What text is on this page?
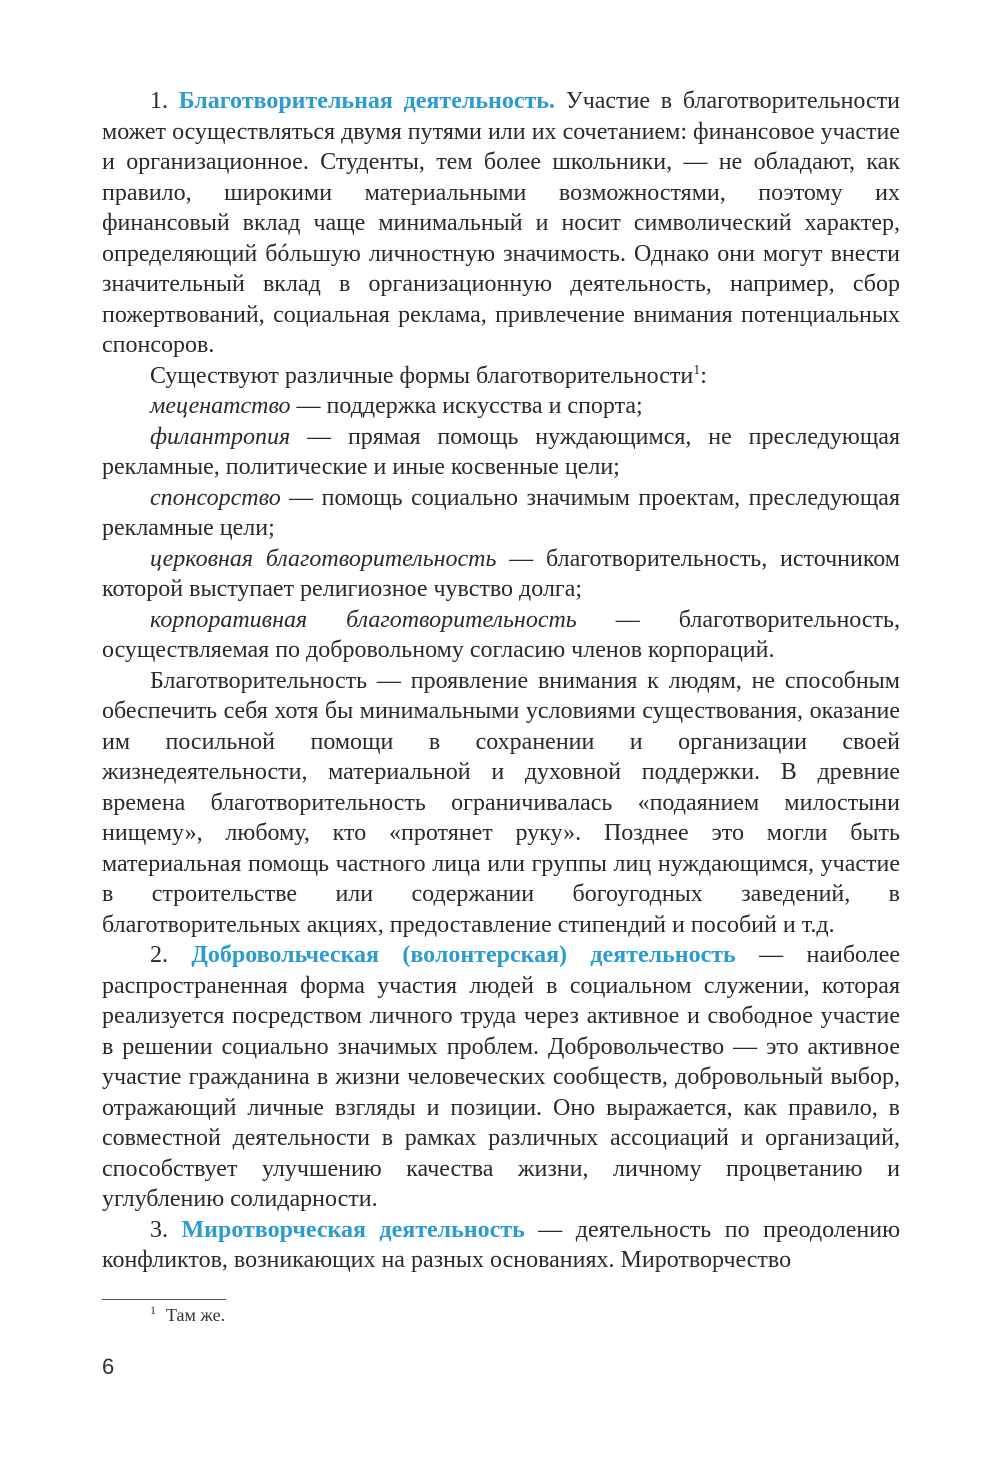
1. Благотворительная деятельность. Участие в благотворительности может осуществляться двумя путями или их сочетанием: финансовое участие и организационное. Студенты, тем более школьники, — не обладают, как правило, широкими материальными возможностями, поэтому их финансовый вклад чаще минимальный и носит символический характер, определяющий бóльшую личностную значимость. Однако они могут внести значительный вклад в организационную деятельность, например, сбор пожертвований, социальная реклама, привлечение внимания потенциальных спонсоров.

Существуют различные формы благотворительности$^1$:

меценатство — поддержка искусства и спорта;

филантропия — прямая помощь нуждающимся, не преследующая рекламные, политические и иные косвенные цели;

спонсорство — помощь социально значимым проектам, преследующая рекламные цели;

церковная благотворительность — благотворительность, источником которой выступает религиозное чувство долга;

корпоративная благотворительность — благотворительность, осуществляемая по добровольному согласию членов корпораций.

Благотворительность — проявление внимания к людям, не способным обеспечить себя хотя бы минимальными условиями существования, оказание им посильной помощи в сохранении и организации своей жизнедеятельности, материальной и духовной поддержки. В древние времена благотворительность ограничивалась «подаянием милостыни нищему», любому, кто «протянет руку». Позднее это могли быть материальная помощь частного лица или группы лиц нуждающимся, участие в строительстве или содержании богоугодных заведений, в благотворительных акциях, предоставление стипендий и пособий и т.д.

2. Добровольческая (волонтерская) деятельность — наиболее распространенная форма участия людей в социальном служении, которая реализуется посредством личного труда через активное и свободное участие в решении социально значимых проблем. Добровольчество — это активное участие гражданина в жизни человеческих сообществ, добровольный выбор, отражающий личные взгляды и позиции. Оно выражается, как правило, в совместной деятельности в рамках различных ассоциаций и организаций, способствует улучшению качества жизни, личному процветанию и углублению солидарности.

3. Миротворческая деятельность — деятельность по преодолению конфликтов, возникающих на разных основаниях. Миротворчество

$^1$ Там же.
6
